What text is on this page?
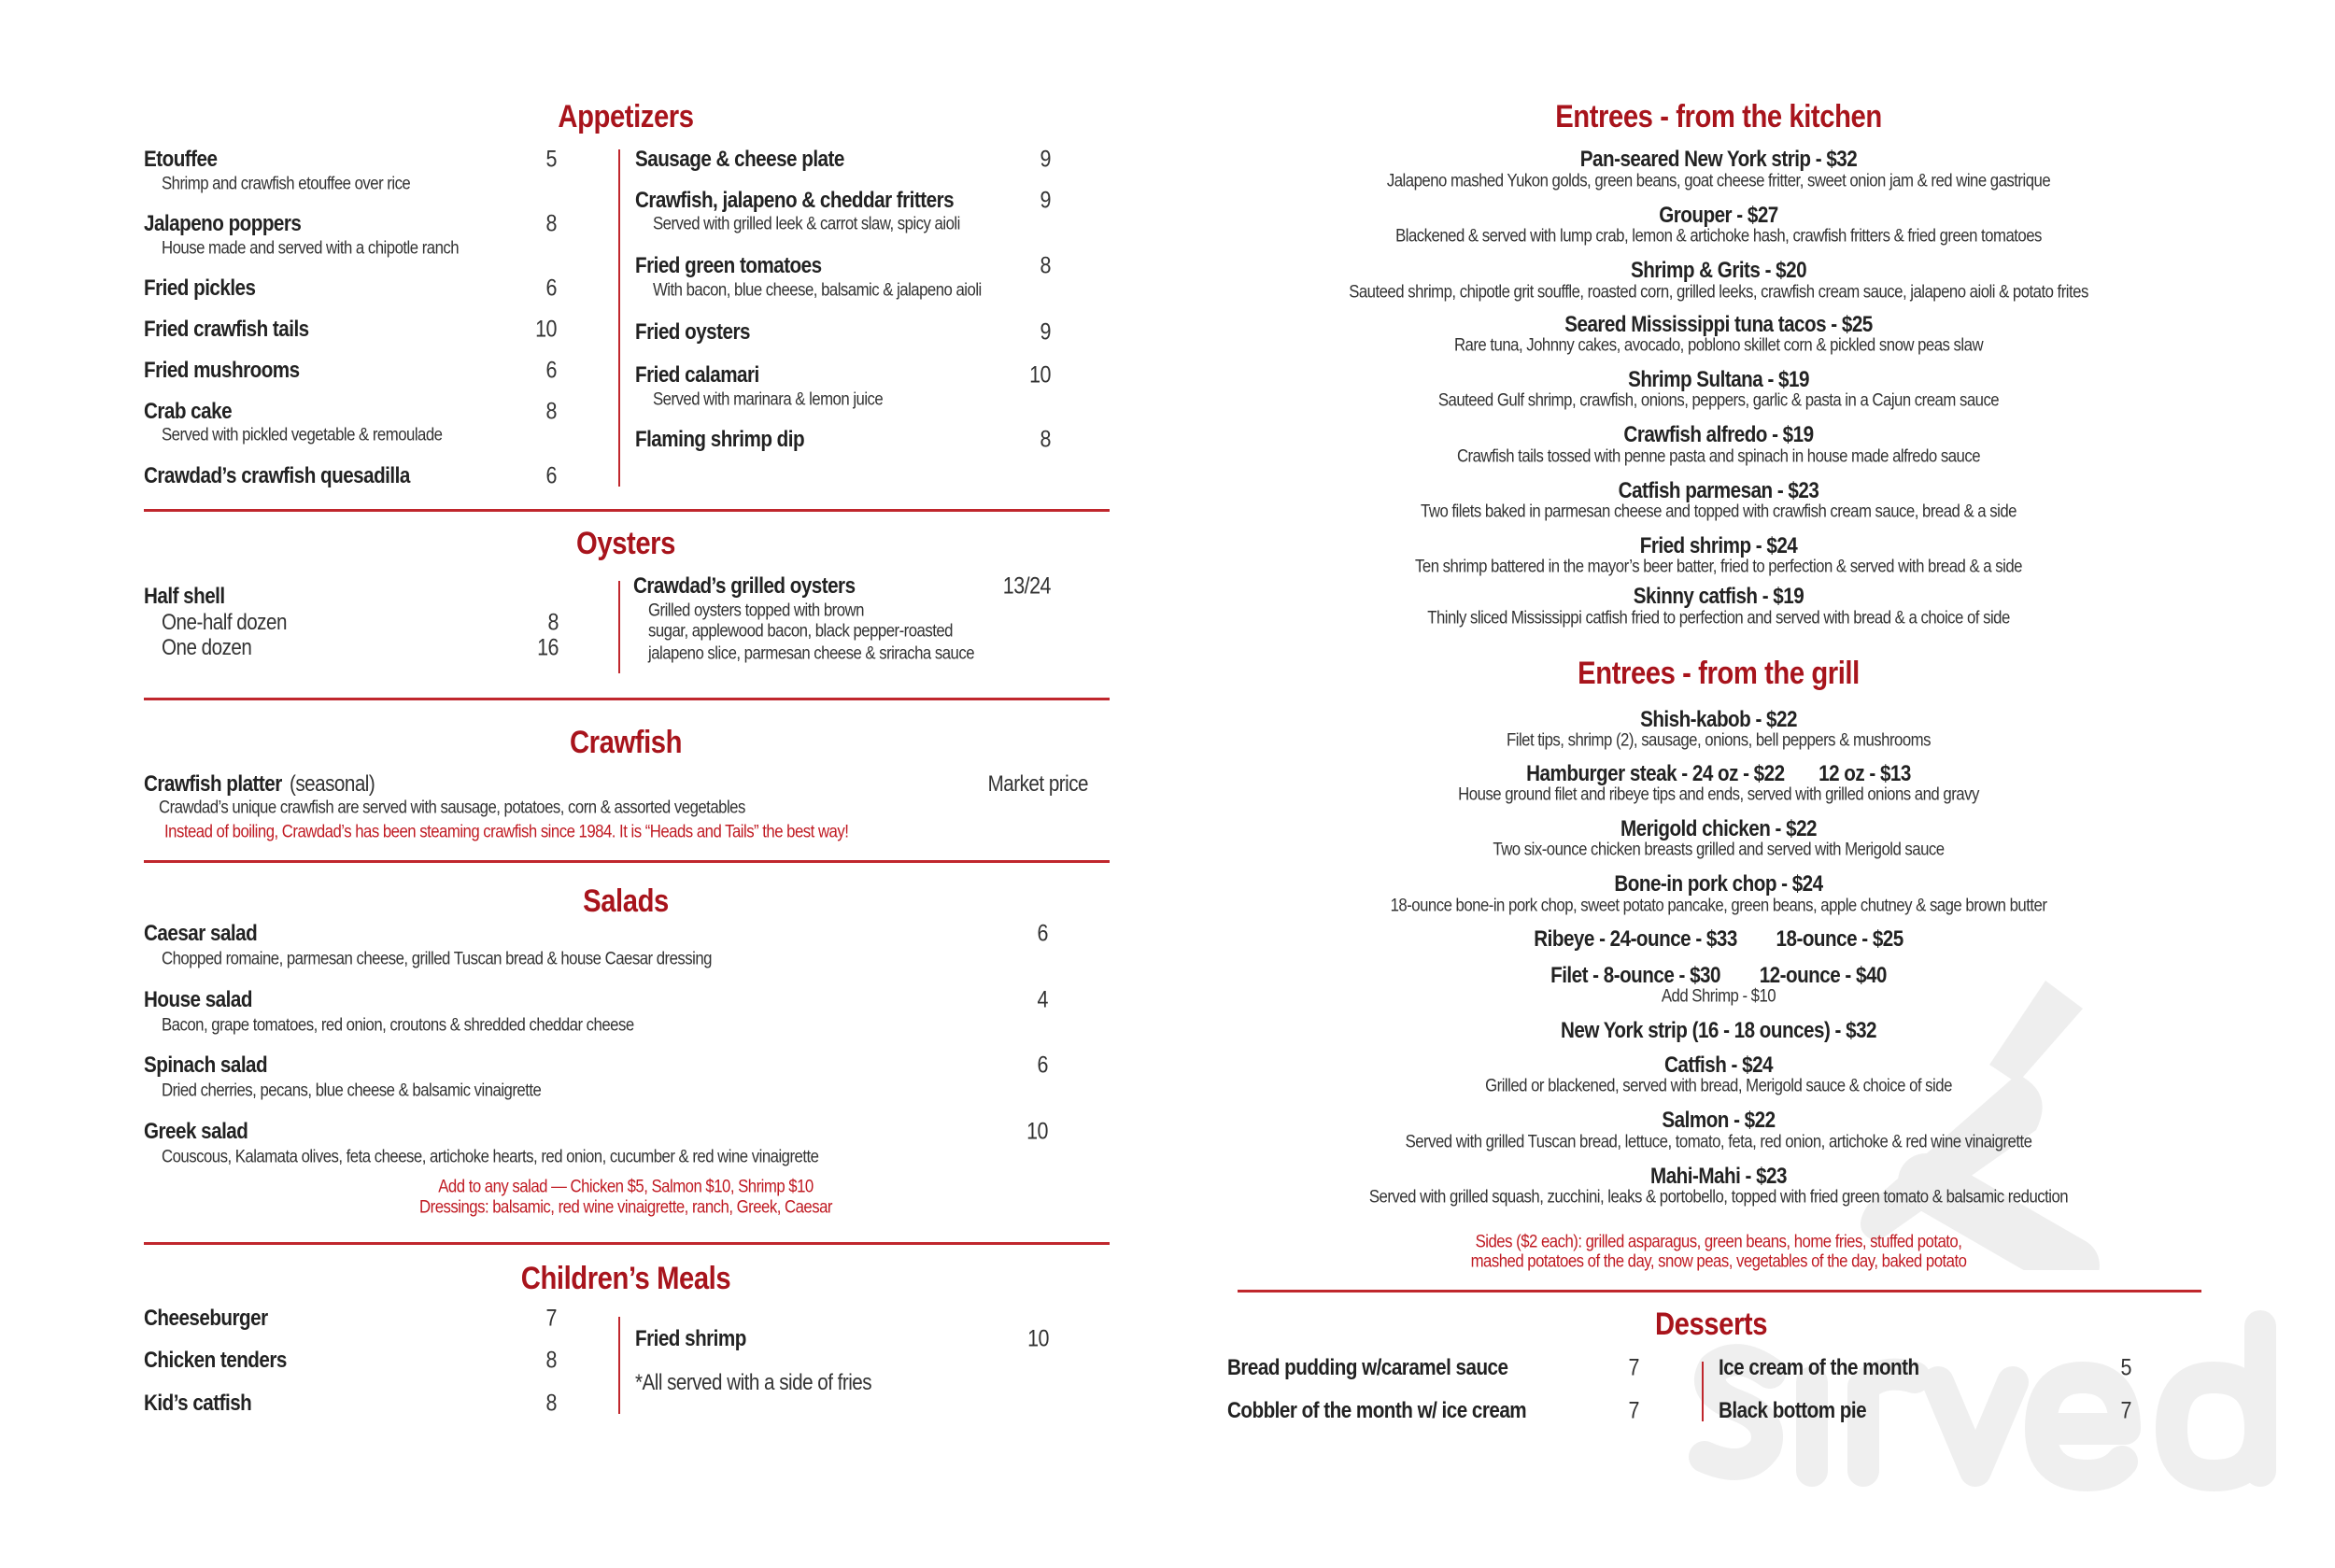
Appetizers
Etouffee	5
Shrimp and crawfish etouffee over rice
Jalapeno poppers	8
House made and served with a chipotle ranch
Fried pickles	6
Fried crawfish tails	10
Fried mushrooms	6
Crab cake	8
Served with pickled vegetable & remoulade
Crawdad’s crawfish quesadilla	6
Sausage & cheese plate	9
Crawfish, jalapeno & cheddar fritters	9
Served with grilled leek & carrot slaw, spicy aioli
Fried green tomatoes	8
With bacon, blue cheese, balsamic & jalapeno aioli
Fried oysters	9
Fried calamari	10
Served with marinara & lemon juice
Flaming shrimp dip	8
Oysters
Half shell
One-half dozen	8
One dozen	16
Crawdad’s grilled oysters	13/24
Grilled oysters topped with brown
sugar, applewood bacon, black pepper-roasted
jalapeno slice, parmesan cheese & sriracha sauce
Crawfish
Crawfish platter (seasonal)	Market price
Crawdad’s unique crawfish are served with sausage, potatoes, corn & assorted vegetables
Instead of boiling, Crawdad’s has been steaming crawfish since 1984. It is “Heads and Tails” the best way!
Salads
Caesar salad	6
Chopped romaine, parmesan cheese, grilled Tuscan bread & house Caesar dressing
House salad	4
Bacon, grape tomatoes, red onion, croutons & shredded cheddar cheese
Spinach salad	6
Dried cherries, pecans, blue cheese & balsamic vinaigrette
Greek salad	10
Couscous, Kalamata olives, feta cheese, artichoke hearts, red onion, cucumber & red wine vinaigrette
Add to any salad — Chicken $5, Salmon $10, Shrimp $10
Dressings: balsamic, red wine vinaigrette, ranch, Greek, Caesar
Children’s Meals
Cheeseburger	7
Chicken tenders	8
Kid’s catfish	8
Fried shrimp	10
*All served with a side of fries
Entrees - from the kitchen
Pan-seared New York strip - $32
Jalapeno mashed Yukon golds, green beans, goat cheese fritter, sweet onion jam & red wine gastrique
Grouper - $27
Blackened & served with lump crab, lemon & artichoke hash, crawfish fritters & fried green tomatoes
Shrimp & Grits - $20
Sauteed shrimp, chipotle grit souffle, roasted corn, grilled leeks, crawfish cream sauce, jalapeno aioli & potato frites
Seared Mississippi tuna tacos - $25
Rare tuna, Johnny cakes, avocado, poblono skillet corn & pickled snow peas slaw
Shrimp Sultana - $19
Sauteed Gulf shrimp, crawfish, onions, peppers, garlic & pasta in a Cajun cream sauce
Crawfish alfredo - $19
Crawfish tails tossed with penne pasta and spinach in house made alfredo sauce
Catfish parmesan - $23
Two filets baked in parmesan cheese and topped with crawfish cream sauce, bread & a side
Fried shrimp - $24
Ten shrimp battered in the mayor’s beer batter, fried to perfection & served with bread & a side
Skinny catfish - $19
Thinly sliced Mississippi catfish fried to perfection and served with bread & a choice of side
Entrees - from the grill
Shish-kabob - $22
Filet tips, shrimp (2), sausage, onions, bell peppers & mushrooms
Hamburger steak - 24 oz - $22       12 oz - $13
House ground filet and ribeye tips and ends, served with grilled onions and gravy
Merigold chicken - $22
Two six-ounce chicken breasts grilled and served with Merigold sauce
Bone-in pork chop - $24
18-ounce bone-in pork chop, sweet potato pancake, green beans, apple chutney & sage brown butter
Ribeye - 24-ounce - $33        18-ounce - $25
Filet - 8-ounce - $30        12-ounce - $40
Add Shrimp - $10
New York strip (16 - 18 ounces) - $32
Catfish - $24
Grilled or blackened, served with bread, Merigold sauce & choice of side
Salmon - $22
Served with grilled Tuscan bread, lettuce, tomato, feta, red onion, artichoke & red wine vinaigrette
Mahi-Mahi - $23
Served with grilled squash, zucchini, leaks & portobello, topped with fried green tomato & balsamic reduction
Sides ($2 each): grilled asparagus, green beans, home fries, stuffed potato,
mashed potatoes of the day, snow peas, vegetables of the day, baked potato
Desserts
Bread pudding w/caramel sauce	7	Ice cream of the month	5
Cobbler of the month w/ ice cream	7	Black bottom pie	7
